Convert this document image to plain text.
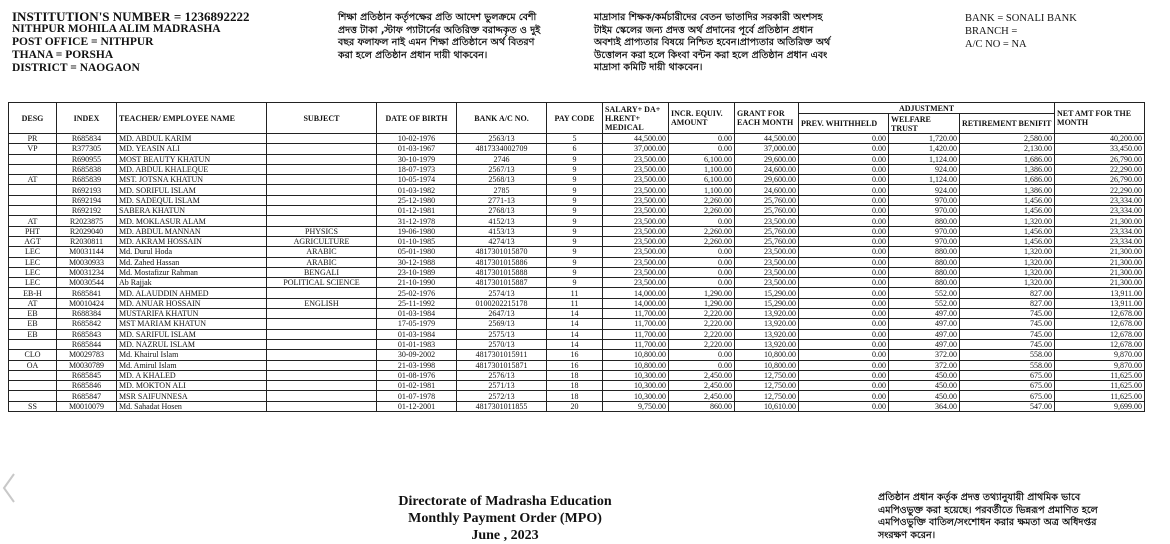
INSTITUTION'S NUMBER = 1236892222
NITHPUR MOHILA ALIM MADRASHA
POST OFFICE = NITHPUR
THANA = PORSHA
DISTRICT = NAOGAON
শিক্ষা প্রতিষ্ঠান কর্তৃপক্ষের প্রতি আদেশ ভুলক্রমে বেশী
প্রদত্ত টাকা ,স্টাফ প্যাটার্নের অতিরিক্ত বরাদ্দকৃত ও দুই
বছর ফলাফল নাই এমন শিক্ষা প্রতিষ্ঠানে অর্থ বিতরণ
করা হলে প্রতিষ্ঠান প্রধান দায়ী থাকবেন।
মাদ্রাসার শিক্ষক/কর্মচারীদের বেতন ভাতাদির সরকারী অংশসহ
টাইম স্কেলের জন্য প্রদত্ত অর্থ প্রদানের পূর্বে প্রতিষ্ঠান প্রধান
অবশ্যই প্রাপ্যতার বিষয়ে নিশ্চিত হবেন।প্রাপ্যতার অতিরিক্ত অর্থ
উত্তোলন করা হলে কিংবা বন্টন করা হলে প্রতিষ্ঠান প্রধান এবং
মাদ্রাসা কমিটি দায়ী থাকবেন।
BANK = SONALI BANK
BRANCH =
A/C NO = NA
DESG	INDEX	TEACHER/ EMPLOYEE NAME	SUBJECT	DATE OF BIRTH	BANK A/C NO.	PAY CODE	SALARY+ DA+ H.RENT+ MEDICAL	INCR. EQUIV. AMOUNT	GRANT FOR EACH MONTH	ADJUSTMENT			NET AMT FOR THE MONTH
										PREV. WHITHHELD	WELFARE TRUST	RETIREMENT BENIFIT	
PR	R685834	MD. ABDUL KARIM		10-02-1976	2563/13	5	44,500.00	0.00	44,500.00	0.00	1,720.00	2,580.00	40,200.00
VP	R377305	MD. YEASIN ALI		01-03-1967	4817334002709	6	37,000.00	0.00	37,000.00	0.00	1,420.00	2,130.00	33,450.00
	R690955	MOST BEAUTY KHATUN		30-10-1979	2746	9	23,500.00	6,100.00	29,600.00	0.00	1,124.00	1,686.00	26,790.00
	R685838	MD. ABDUL KHALEQUE		18-07-1973	2567/13	9	23,500.00	1,100.00	24,600.00	0.00	924.00	1,386.00	22,290.00
AT	R685839	MST. JOTSNA KHATUN		10-05-1974	2568/13	9	23,500.00	6,100.00	29,600.00	0.00	1,124.00	1,686.00	26,790.00
	R692193	MD. SORIFUL ISLAM		01-03-1982	2785	9	23,500.00	1,100.00	24,600.00	0.00	924.00	1,386.00	22,290.00
	R692194	MD. SADEQUL ISLAM		25-12-1980	2771-13	9	23,500.00	2,260.00	25,760.00	0.00	970.00	1,456.00	23,334.00
	R692192	SABERA KHATUN		01-12-1981	2768/13	9	23,500.00	2,260.00	25,760.00	0.00	970.00	1,456.00	23,334.00
AT	R2023875	MD. MOKLASUR ALAM		31-12-1978	4152/13	9	23,500.00	0.00	23,500.00	0.00	880.00	1,320.00	21,300.00
PHT	R2029040	MD. ABDUL MANNAN	PHYSICS	19-06-1980	4153/13	9	23,500.00	2,260.00	25,760.00	0.00	970.00	1,456.00	23,334.00
AGT	R2030811	MD. AKRAM HOSSAIN	AGRICULTURE	01-10-1985	4274/13	9	23,500.00	2,260.00	25,760.00	0.00	970.00	1,456.00	23,334.00
LEC	M0031144	Md. Durul Hoda	ARABIC	05-01-1980	4817301015870	9	23,500.00	0.00	23,500.00	0.00	880.00	1,320.00	21,300.00
LEC	M0030933	Md. Zahed Hassan	ARABIC	30-12-1988	4817301015886	9	23,500.00	0.00	23,500.00	0.00	880.00	1,320.00	21,300.00
LEC	M0031234	Md. Mostafizur Rahman	BENGALI	23-10-1989	4817301015888	9	23,500.00	0.00	23,500.00	0.00	880.00	1,320.00	21,300.00
LEC	M0030544	Ab Rajjak	POLITICAL SCIENCE	21-10-1990	4817301015887	9	23,500.00	0.00	23,500.00	0.00	880.00	1,320.00	21,300.00
EB-H	R685841	MD. ALAUDDIN AHMED		25-02-1976	2574/13	11	14,000.00	1,290.00	15,290.00	0.00	552.00	827.00	13,911.00
AT	M0010424	MD. ANUAR HOSSAIN	ENGLISH	25-11-1992	0100202215178	11	14,000.00	1,290.00	15,290.00	0.00	552.00	827.00	13,911.00
EB	R688384	MUSTARIFA KHATUN		01-03-1984	2647/13	14	11,700.00	2,220.00	13,920.00	0.00	497.00	745.00	12,678.00
EB	R685842	MST MARIAM KHATUN		17-05-1979	2569/13	14	11,700.00	2,220.00	13,920.00	0.00	497.00	745.00	12,678.00
EB	R685843	MD. SARIFUL ISLAM		01-03-1984	2575/13	14	11,700.00	2,220.00	13,920.00	0.00	497.00	745.00	12,678.00
	R685844	MD. NAZRUL ISLAM		01-01-1983	2570/13	14	11,700.00	2,220.00	13,920.00	0.00	497.00	745.00	12,678.00
CLO	M0029783	Md. Khairul Islam		30-09-2002	4817301015911	16	10,800.00	0.00	10,800.00	0.00	372.00	558.00	9,870.00
OA	M0030789	Md. Amirul Islam		21-03-1998	4817301015871	16	10,800.00	0.00	10,800.00	0.00	372.00	558.00	9,870.00
	R685845	MD. A KHALED		01-08-1976	2576/13	18	10,300.00	2,450.00	12,750.00	0.00	450.00	675.00	11,625.00
	R685846	MD. MOKTON ALI		01-02-1981	2571/13	18	10,300.00	2,450.00	12,750.00	0.00	450.00	675.00	11,625.00
	R685847	MSR SAIFUNNESA		01-07-1978	2572/13	18	10,300.00	2,450.00	12,750.00	0.00	450.00	675.00	11,625.00
SS	M0010079	Md. Sahadat Hosen		01-12-2001	4817301011855	20	9,750.00	860.00	10,610.00	0.00	364.00	547.00	9,699.00
Directorate of Madrasha Education
Monthly Payment Order (MPO)
June , 2023
প্রতিষ্ঠান প্রধান কর্তৃক প্রদত্ত তথ্যানুযায়ী প্রাথমিক ভাবে
এমপিওভুক্ত করা হয়েছে। পরবর্তীতে ভিন্নরূপ প্রমাণিত হলে
এমপিওভুক্তি বাতিল/সংশোধন করার ক্ষমতা অত্র অধিদপ্তর
সংরক্ষণ করেন।
